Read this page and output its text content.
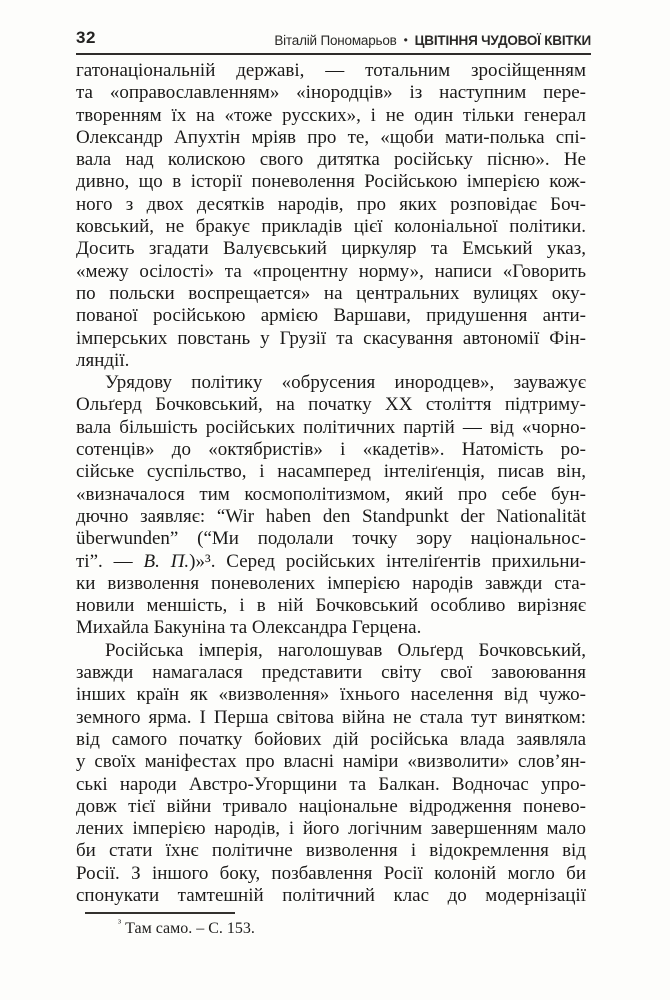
32	Віталій Пономарьов • ЦВІТІННЯ ЧУДОВОЇ КВІТКИ
гатонаціональній державі, — тотальним зросійщенням
та «оправославленням» «інородців» із наступним пере-
творенням їх на «тоже русских», і не один тільки генерал
Олександр Апухтін мріяв про те, «щоби мати-полька спі-
вала над колискою свого дитятка російську пісню». Не
дивно, що в історії поневолення Російською імперією кож-
ного з двох десятків народів, про яких розповідає Боч-
ковський, не бракує прикладів цієї колоніальної політики.
Досить згадати Валуєвський циркуляр та Емський указ,
«межу осілості» та «процентну норму», написи «Говорить
по польски воспрещается» на центральних вулицях оку-
пованої російською армією Варшави, придушення анти-
імперських повстань у Грузії та скасування автономії Фін-
ляндії.
Урядову політику «обрусения инородцев», зауважує
Ольґерд Бочковський, на початку XX століття підтриму-
вала більшість російських політичних партій — від «чорно-
сотенців» до «октябристів» і «кадетів». Натомість ро-
сійське суспільство, і насамперед інтеліґенція, писав він,
«визначалося тим космополітизмом, який про себе бун-
дючно заявляє: “Wir haben den Standpunkt der Nationalität
überwunden” (“Ми подолали точку зору національнос-
ті”. — В. П.)»³. Серед російських інтеліґентів прихильни-
ки визволення поневолених імперією народів завжди ста-
новили меншість, і в ній Бочковський особливо вирізняє
Михайла Бакуніна та Олександра Герцена.
Російська імперія, наголошував Ольґерд Бочковський,
завжди намагалася представити світу свої завоювання
інших країн як «визволення» їхнього населення від чужо-
земного ярма. І Перша світова війна не стала тут винятком:
від самого початку бойових дій російська влада заявляла
у своїх маніфестах про власні наміри «визволити» слов’ян-
ські народи Австро-Угорщини та Балкан. Водночас упро-
довж тієї війни тривало національне відродження понево-
лених імперією народів, і його логічним завершенням мало
би стати їхнє політичне визволення і відокремлення від
Росії. З іншого боку, позбавлення Росії колоній могло би
спонукати тамтешній політичний клас до модернізації
$^{^3}$ Там само. – С. 153.
